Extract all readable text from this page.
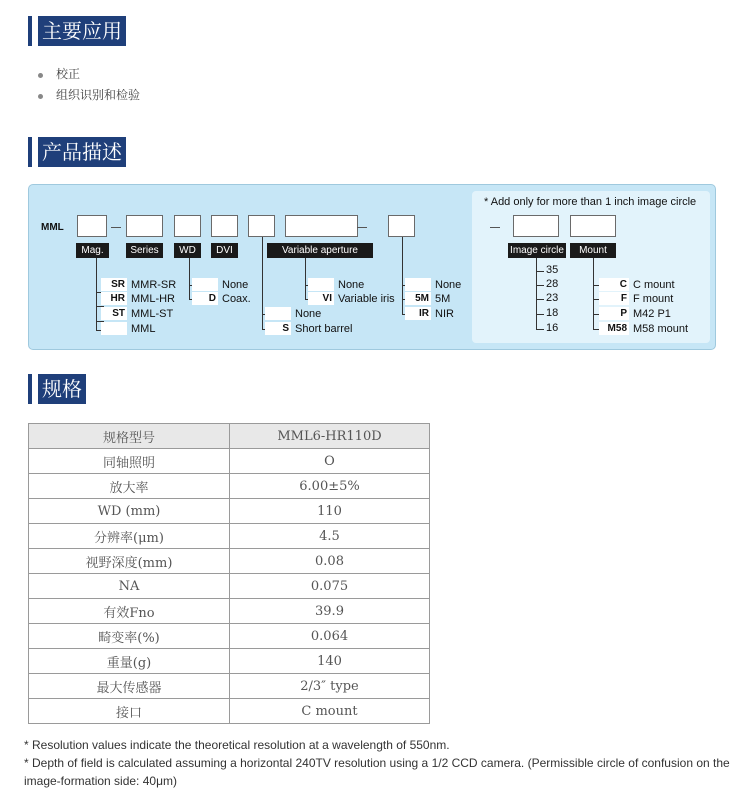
主要应用
校正
组织识别和检验
产品描述
* Add only for more than 1 inch image circle
MML
Mag.	Series	WD	DVI	Variable aperture	Image circle	Mount
SR MMR-SR
HR MML-HR
ST MML-ST
MML
None
D Coax.
None
S Short barrel
None
VI Variable iris
None
5M 5M
IR NIR
35
28
23
18
16
C C mount
F F mount
P M42 P1
M58 M58 mount
规格
规格型号	MML6-HR110D
同轴照明	O
放大率	6.00±5%
WD (mm)	110
分辨率(μm)	4.5
视野深度(mm)	0.08
NA	0.075
有效Fno	39.9
畸变率(%)	0.064
重量(g)	140
最大传感器	2/3″ type
接口	C mount

* Resolution values indicate the theoretical resolution at a wavelength of 550nm.

* Depth of field is calculated assuming a horizontal 240TV resolution using a 1/2 CCD camera. (Permissible circle of confusion on the image-formation side: 40μm)
